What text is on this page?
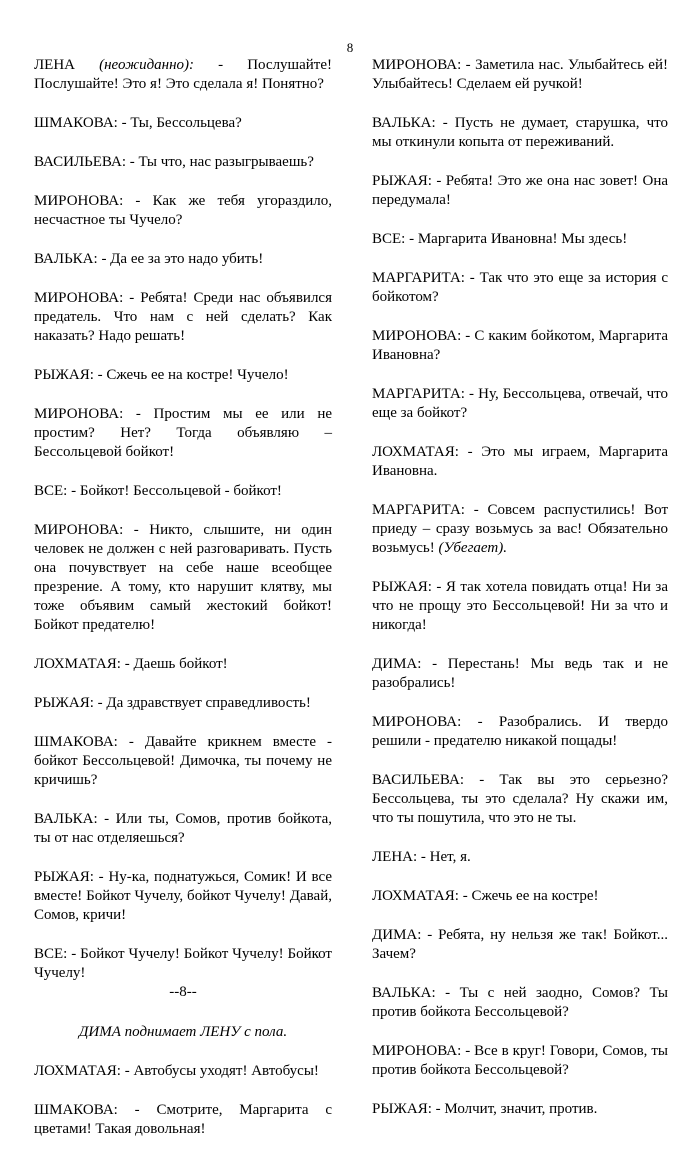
8

ЛЕНА (неожиданно): - Послушайте! Послушайте! Это я! Это сделала я! Понятно?

ШМАКОВА: - Ты, Бессольцева?

ВАСИЛЬЕВА: - Ты что, нас разыгрываешь?

МИРОНОВА: - Как же тебя угораздило, несчастное ты Чучело?

ВАЛЬКА: - Да ее за это надо убить!

МИРОНОВА: - Ребята! Среди нас объявился предатель. Что нам с ней сделать? Как наказать? Надо решать!

РЫЖАЯ: - Сжечь ее на костре! Чучело!

МИРОНОВА: - Простим мы ее или не простим? Нет? Тогда объявляю – Бессольцевой бойкот!

ВСЕ: - Бойкот! Бессольцевой - бойкот!

МИРОНОВА: - Никто, слышите, ни один человек не должен с ней разговаривать. Пусть она почувствует на себе наше всеобщее презрение. А тому, кто нарушит клятву, мы тоже объявим самый жестокий бойкот! Бойкот предателю!

ЛОХМАТАЯ: - Даешь бойкот!

РЫЖАЯ: - Да здравствует справедливость!

ШМАКОВА: - Давайте крикнем вместе - бойкот Бессольцевой! Димочка, ты почему не кричишь?

ВАЛЬКА: - Или ты, Сомов, против бойкота, ты от нас отделяешься?

РЫЖАЯ: - Ну-ка, поднатужься, Сомик! И все вместе! Бойкот Чучелу, бойкот Чучелу! Давай, Сомов, кричи!

ВСЕ: - Бойкот Чучелу! Бойкот Чучелу! Бойкот Чучелу!

--8--

ДИМА поднимает ЛЕНУ с пола.

ЛОХМАТАЯ: - Автобусы уходят! Автобусы!

ШМАКОВА: - Смотрите, Маргарита с цветами! Такая довольная!

МИРОНОВА: - Заметила нас. Улыбайтесь ей! Улыбайтесь! Сделаем ей ручкой!

ВАЛЬКА: - Пусть не думает, старушка, что мы откинули копыта от переживаний.

РЫЖАЯ: - Ребята! Это же она нас зовет! Она передумала!

ВСЕ: - Маргарита Ивановна! Мы здесь!

МАРГАРИТА: - Так что это еще за история с бойкотом?

МИРОНОВА: - С каким бойкотом, Маргарита Ивановна?

МАРГАРИТА: - Ну, Бессольцева, отвечай, что еще за бойкот?

ЛОХМАТАЯ: - Это мы играем, Маргарита Ивановна.

МАРГАРИТА: - Совсем распустились! Вот приеду – сразу возьмусь за вас! Обязательно возьмусь! (Убегает).

РЫЖАЯ: - Я так хотела повидать отца! Ни за что не прощу это Бессольцевой! Ни за что и никогда!

ДИМА: - Перестань! Мы ведь так и не разобрались!

МИРОНОВА: - Разобрались. И твердо решили - предателю никакой пощады!

ВАСИЛЬЕВА: - Так вы это серьезно? Бессольцева, ты это сделала? Ну скажи им, что ты пошутила, что это не ты.

ЛЕНА: - Нет, я.

ЛОХМАТАЯ: - Сжечь ее на костре!

ДИМА: - Ребята, ну нельзя же так! Бойкот... Зачем?

ВАЛЬКА: - Ты с ней заодно, Сомов? Ты против бойкота Бессольцевой?

МИРОНОВА: - Все в круг! Говори, Сомов, ты против бойкота Бессольцевой?

РЫЖАЯ: - Молчит, значит, против.
